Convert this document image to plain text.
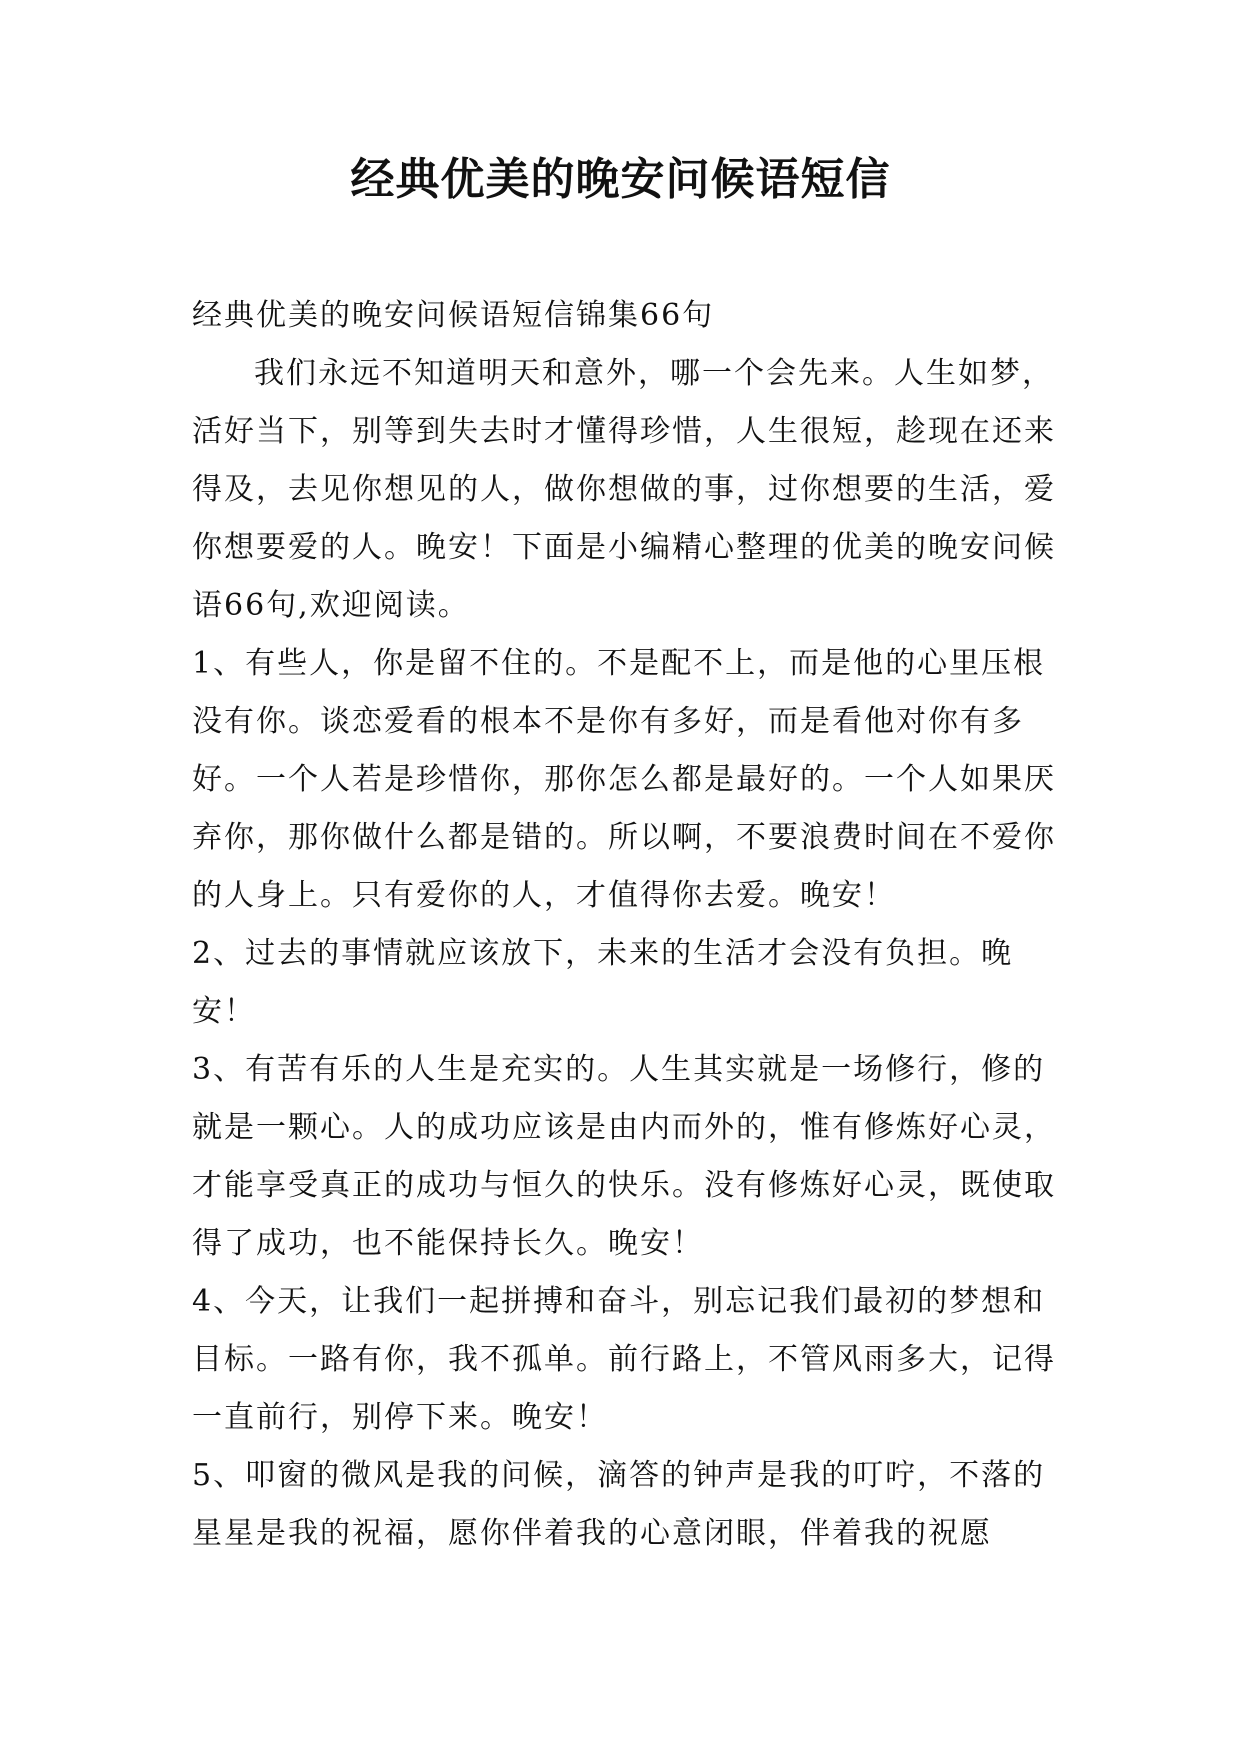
经典优美的晚安问候语短信

经典优美的晚安问候语短信锦集66句

我们永远不知道明天和意外，哪一个会先来。人生如梦，活好当下，别等到失去时才懂得珍惜，人生很短，趁现在还来得及，去见你想见的人，做你想做的事，过你想要的生活，爱你想要爱的人。晚安！下面是小编精心整理的优美的晚安问候语66句,欢迎阅读。

1、有些人，你是留不住的。不是配不上，而是他的心里压根没有你。谈恋爱看的根本不是你有多好，而是看他对你有多好。一个人若是珍惜你，那你怎么都是最好的。一个人如果厌弃你，那你做什么都是错的。所以啊，不要浪费时间在不爱你的人身上。只有爱你的人，才值得你去爱。晚安！

2、过去的事情就应该放下，未来的生活才会没有负担。晚安！

3、有苦有乐的人生是充实的。人生其实就是一场修行，修的就是一颗心。人的成功应该是由内而外的，惟有修炼好心灵，才能享受真正的成功与恒久的快乐。没有修炼好心灵，既使取得了成功，也不能保持长久。晚安！

4、今天，让我们一起拼搏和奋斗，别忘记我们最初的梦想和目标。一路有你，我不孤单。前行路上，不管风雨多大，记得一直前行，别停下来。晚安！

5、叩窗的微风是我的问候，滴答的钟声是我的叮咛，不落的星星是我的祝福，愿你伴着我的心意闭眼，伴着我的祝愿
